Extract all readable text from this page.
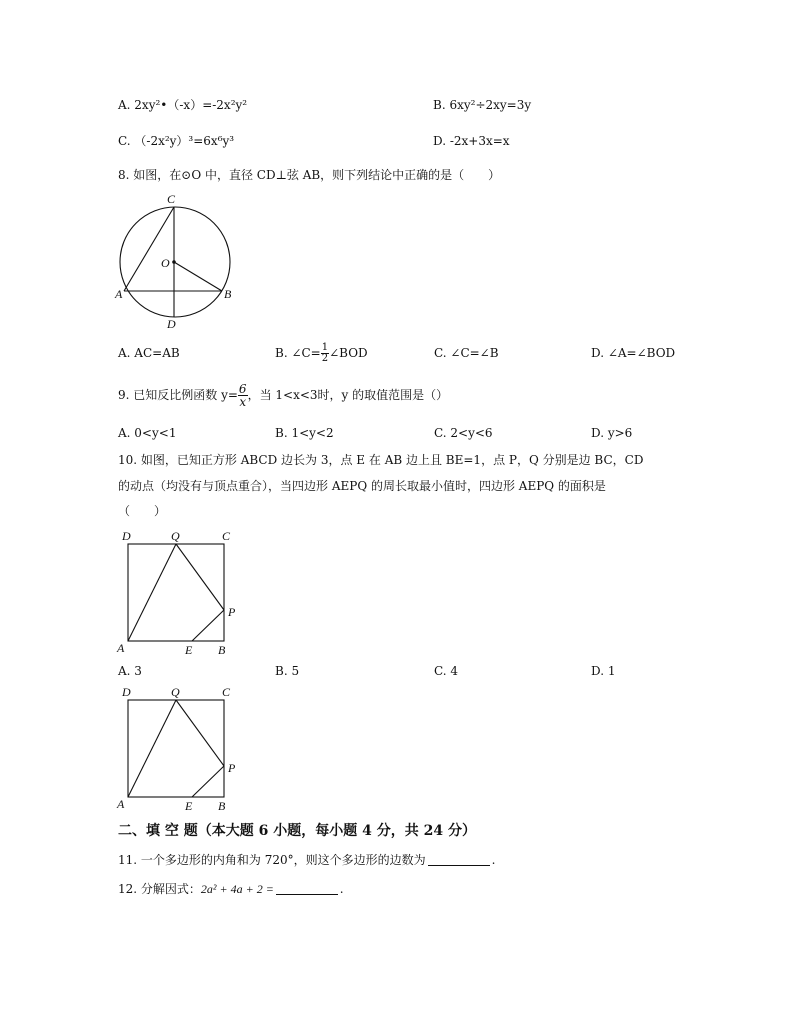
A. 2xy²•（-x）=-2x²y²	B. 6xy²÷2xy=3y
C. （-2x²y）³=6x⁶y³	D. -2x+3x=x
8. 如图，在⊙O 中，直径 CD⊥弦 AB，则下列结论中正确的是（　　）
C
O
A	B
D
A. AC=AB	B. ∠C= $\frac{1}{2}\angle BOD$	C. ∠C=∠B	D. ∠A=∠BOD
9. 已知反比例函数 $y= \frac{6}{x}$ ，当 1<x<3时，y 的取值范围是（）
A. 0<y<1	B. 1<y<2	C. 2<y<6	D. y>6
10. 如图，已知正方形 ABCD 边长为 3，点 E 在 AB 边上且 BE=1，点 P，Q 分别是边 BC，CD
的动点（均没有与顶点重合），当四边形 AEPQ 的周长取最小值时，四边形 AEPQ 的面积是
（　　）
D	Q	C
P
A	E B
A. 3	B. 5	C. 4	D. 1
D	Q	C
P
A	E B
二、填 空 题（本大题 6 小题，每小题 4 分，共 24 分）
11. 一个多边形的内角和为 720°，则这个多边形的边数为	.
12. 分解因式：2a² + 4a + 2 =	.
